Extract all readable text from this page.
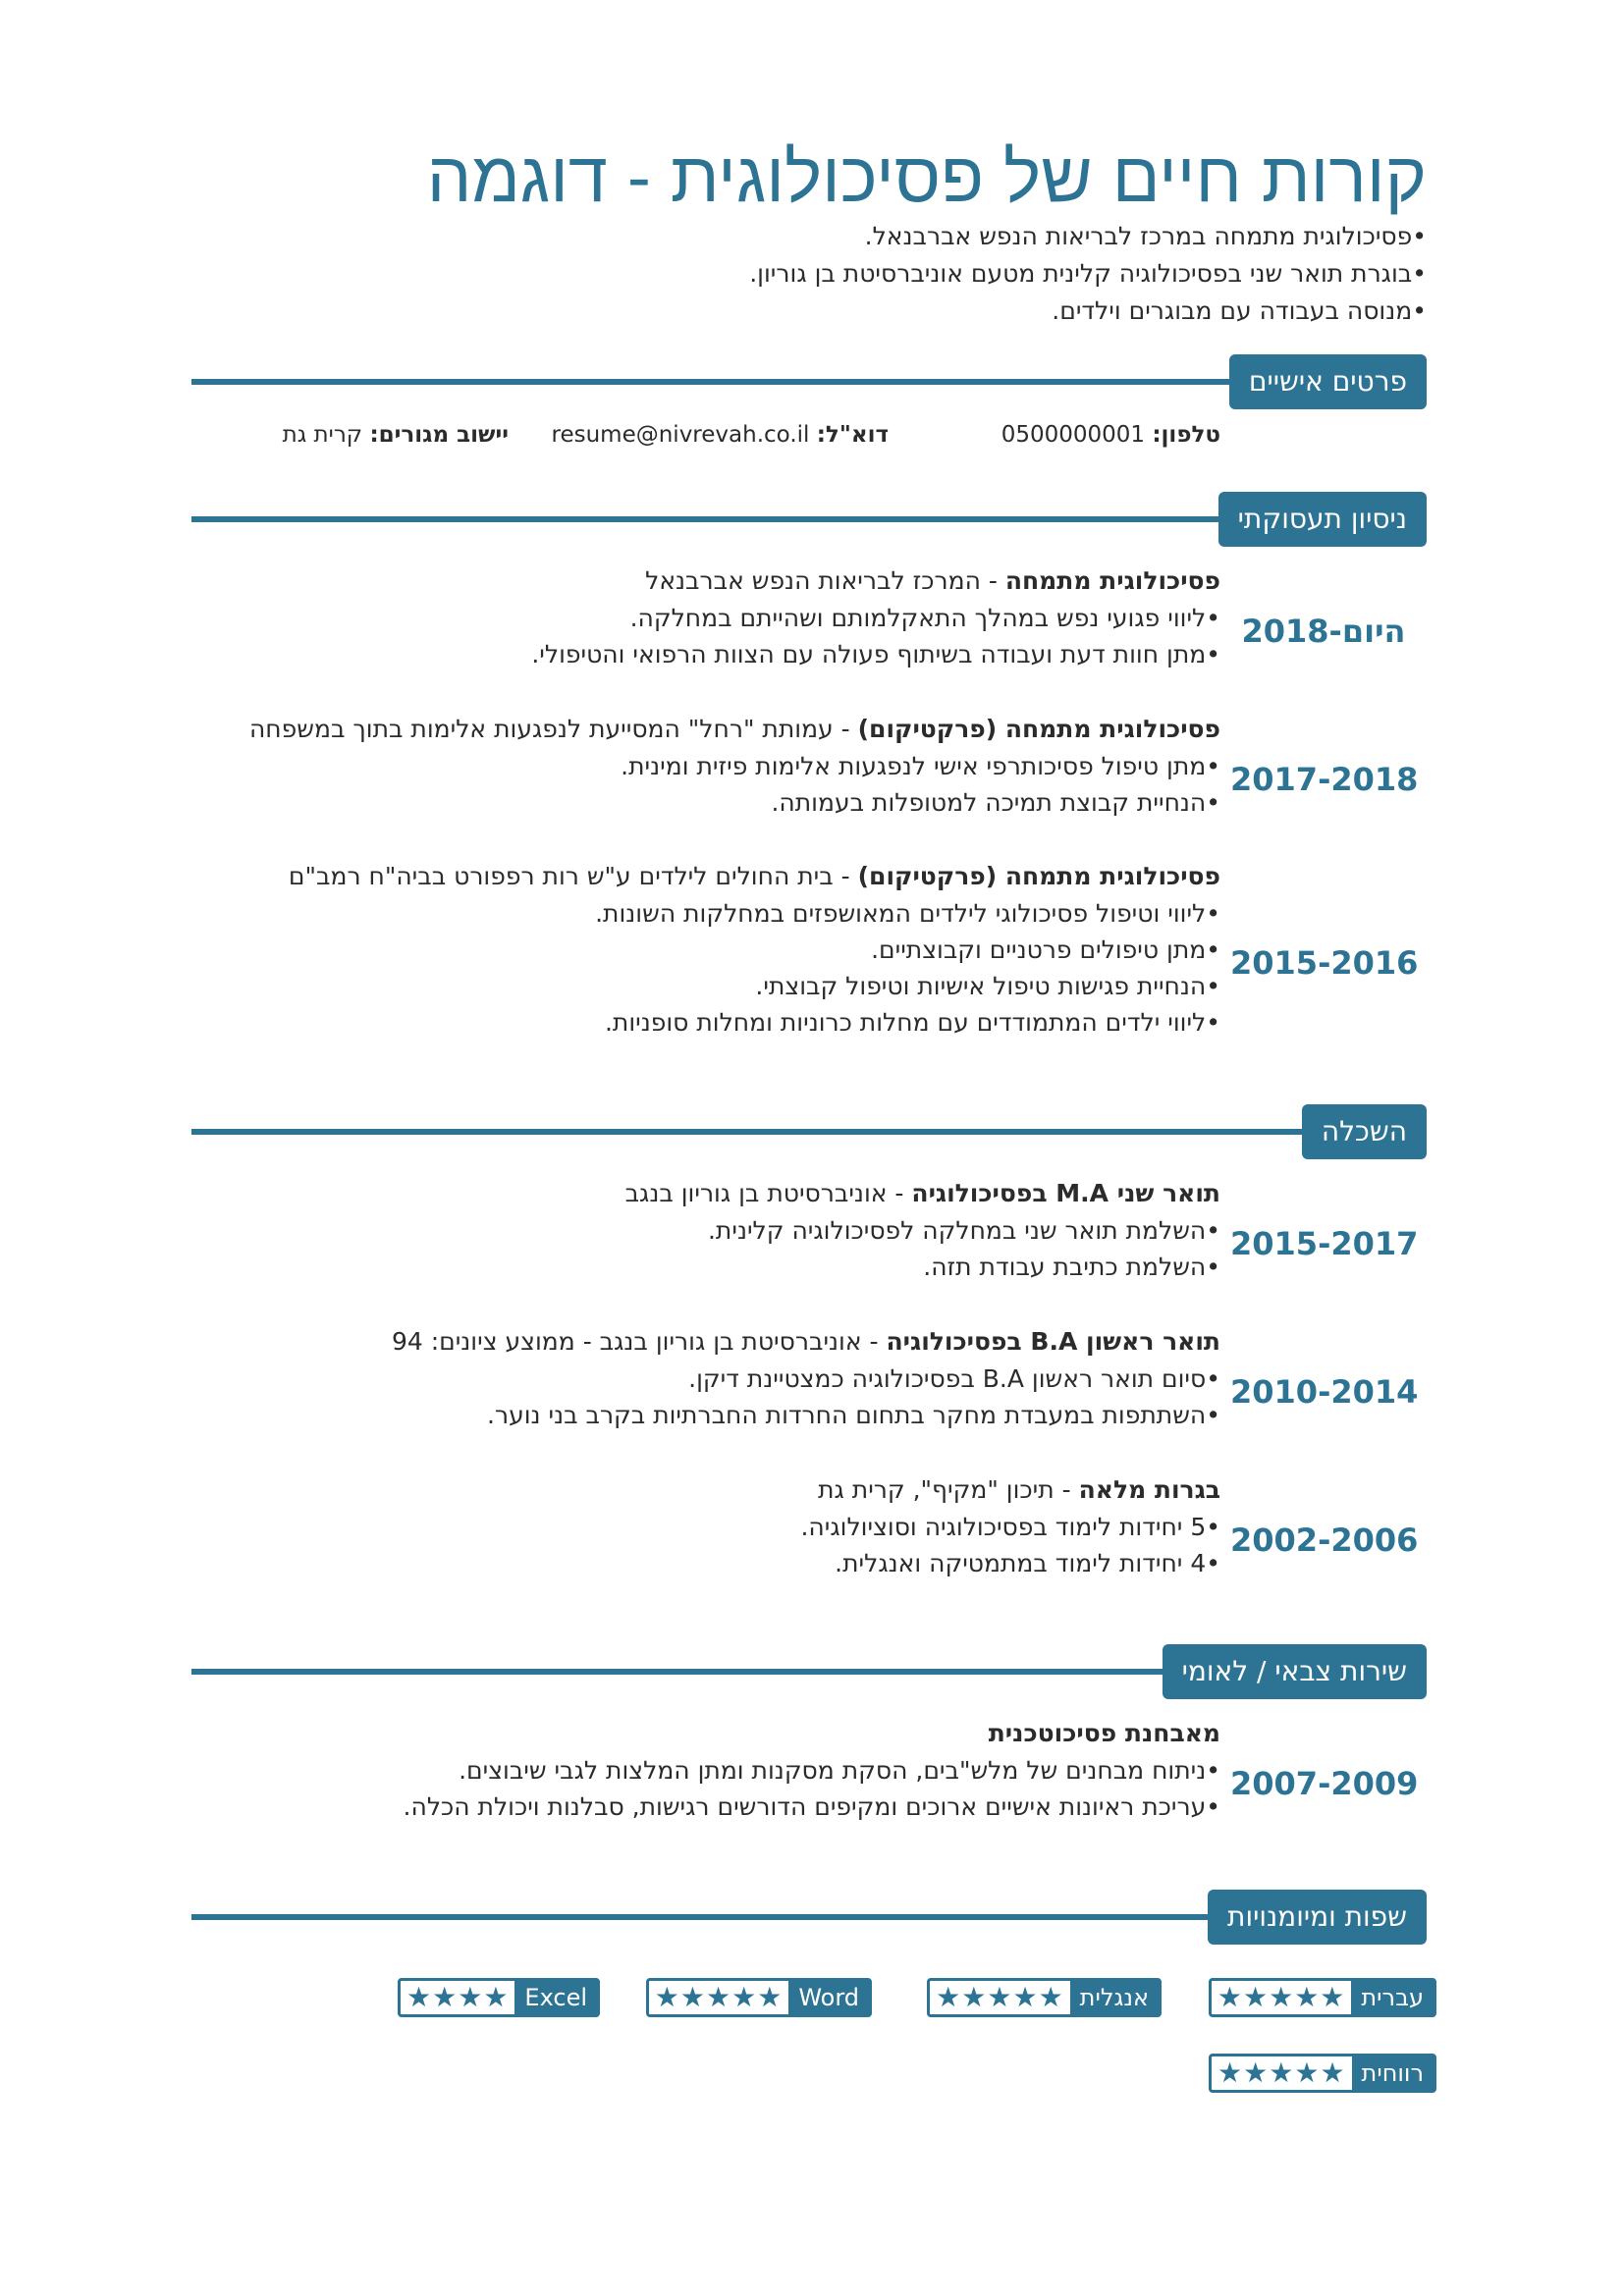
קורות חיים של פסיכולוגית - דוגמה
• פסיכולוגית מתמחה במרכז לבריאות הנפש אברבנאל.
• בוגרת תואר שני בפסיכולוגיה קלינית מטעם אוניברסיטת בן גוריון.
• מנוסה בעבודה עם מבוגרים וילדים.
פרטים אישיים
טלפון: 0500000001
דוא"ל: resume@nivrevah.co.il
יישוב מגורים: קרית גת
ניסיון תעסוקתי
פסיכולוגית מתמחה - המרכז לבריאות הנפש אברבנאל
• ליווי פגועי נפש במהלך התאקלמותם ושהייתם במחלקה.
• מתן חוות דעת ועבודה בשיתוף פעולה עם הצוות הרפואי והטיפולי.
2018-היום
פסיכולוגית מתמחה (פרקטיקום) - עמותת "רחל" המסייעת לנפגעות אלימות בתוך במשפחה
• מתן טיפול פסיכותרפי אישי לנפגעות אלימות פיזית ומינית.
• הנחיית קבוצת תמיכה למטופלות בעמותה.
2017-2018
פסיכולוגית מתמחה (פרקטיקום) - בית החולים לילדים ע"ש רות רפפורט בביה"ח רמב"ם
• ליווי וטיפול פסיכולוגי לילדים המאושפזים במחלקות השונות.
• מתן טיפולים פרטניים וקבוצתיים.
• הנחיית פגישות טיפול אישיות וטיפול קבוצתי.
• ליווי ילדים המתמודדים עם מחלות כרוניות ומחלות סופניות.
2015-2016
השכלה
תואר שני M.A בפסיכולוגיה - אוניברסיטת בן גוריון בנגב
• השלמת תואר שני במחלקה לפסיכולוגיה קלינית.
• השלמת כתיבת עבודת תזה.
2015-2017
תואר ראשון B.A בפסיכולוגיה - אוניברסיטת בן גוריון בנגב - ממוצע ציונים: 94
• סיום תואר ראשון B.A בפסיכולוגיה כמצטיינת דיקן.
• השתתפות במעבדת מחקר בתחום החרדות החברתיות בקרב בני נוער.
2010-2014
בגרות מלאה - תיכון "מקיף", קרית גת
• 5 יחידות לימוד בפסיכולוגיה וסוציולוגיה.
• 4 יחידות לימוד במתמטיקה ואנגלית.
2002-2006
שירות צבאי / לאומי
מאבחנת פסיכוטכנית
• ניתוח מבחנים של מלש"בים, הסקת מסקנות ומתן המלצות לגבי שיבוצים.
• עריכת ראיונות אישיים ארוכים ומקיפים הדורשים רגישות, סבלנות ויכולת הכלה.
2007-2009
שפות ומיומנויות
עברית
★★★★★
אנגלית
★★★★★
Word
★★★★★
Excel
★★★★
רווחית
★★★★★
